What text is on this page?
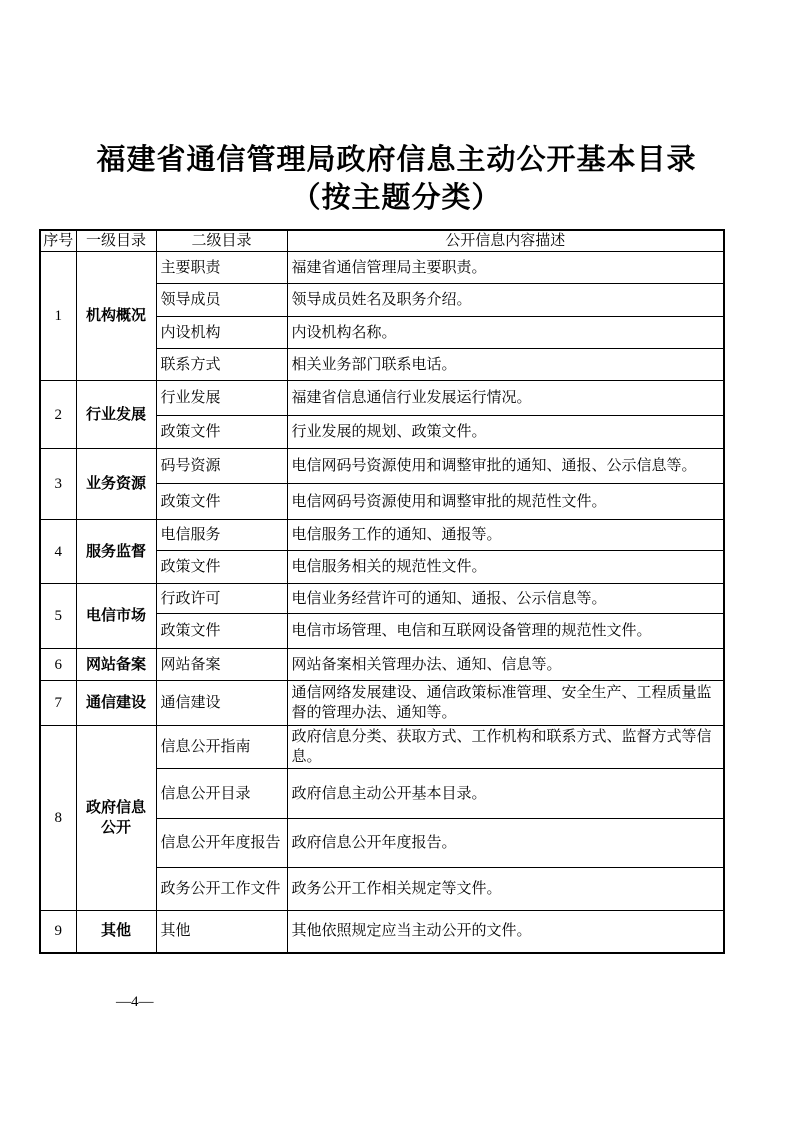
福建省通信管理局政府信息主动公开基本目录
（按主题分类）
序号	一级目录	二级目录	公开信息内容描述
1	机构概况	主要职责	福建省通信管理局主要职责。
		领导成员	领导成员姓名及职务介绍。
		内设机构	内设机构名称。
		联系方式	相关业务部门联系电话。
2	行业发展	行业发展	福建省信息通信行业发展运行情况。
		政策文件	行业发展的规划、政策文件。
3	业务资源	码号资源	电信网码号资源使用和调整审批的通知、通报、公示信息等。
		政策文件	电信网码号资源使用和调整审批的规范性文件。
4	服务监督	电信服务	电信服务工作的通知、通报等。
		政策文件	电信服务相关的规范性文件。
5	电信市场	行政许可	电信业务经营许可的通知、通报、公示信息等。
		政策文件	电信市场管理、电信和互联网设备管理的规范性文件。
6	网站备案	网站备案	网站备案相关管理办法、通知、信息等。
7	通信建设	通信建设	通信网络发展建设、通信政策标准管理、安全生产、工程质量监督的管理办法、通知等。
8	政府信息公开	信息公开指南	政府信息分类、获取方式、工作机构和联系方式、监督方式等信息。
		信息公开目录	政府信息主动公开基本目录。
		信息公开年度报告	政府信息公开年度报告。
		政务公开工作文件	政务公开工作相关规定等文件。
9	其他	其他	其他依照规定应当主动公开的文件。
—4—
